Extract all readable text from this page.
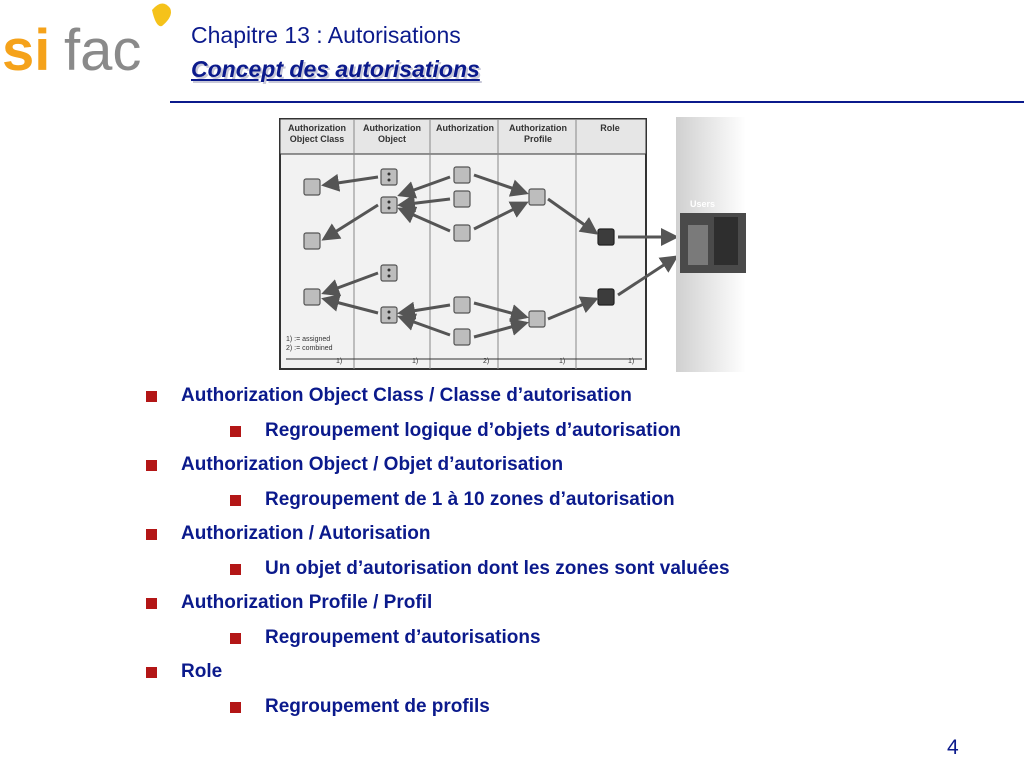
si fac Chapitre 13 : Autorisations
Concept des autorisations
Authorization Object Class
Authorization Object
Authorization Authorization Profile
Role
1) := assigned
2) := combined
1)	1)	2)	1)	1)
Users
Authorization Object Class / Classe d’autorisation
Regroupement logique d’objets d’autorisation
Authorization Object / Objet d’autorisation
Regroupement de 1 à 10 zones d’autorisation
Authorization / Autorisation
Un objet d’autorisation dont les zones sont valuées
Authorization Profile / Profil
Regroupement d’autorisations
Role
Regroupement de profils
4
